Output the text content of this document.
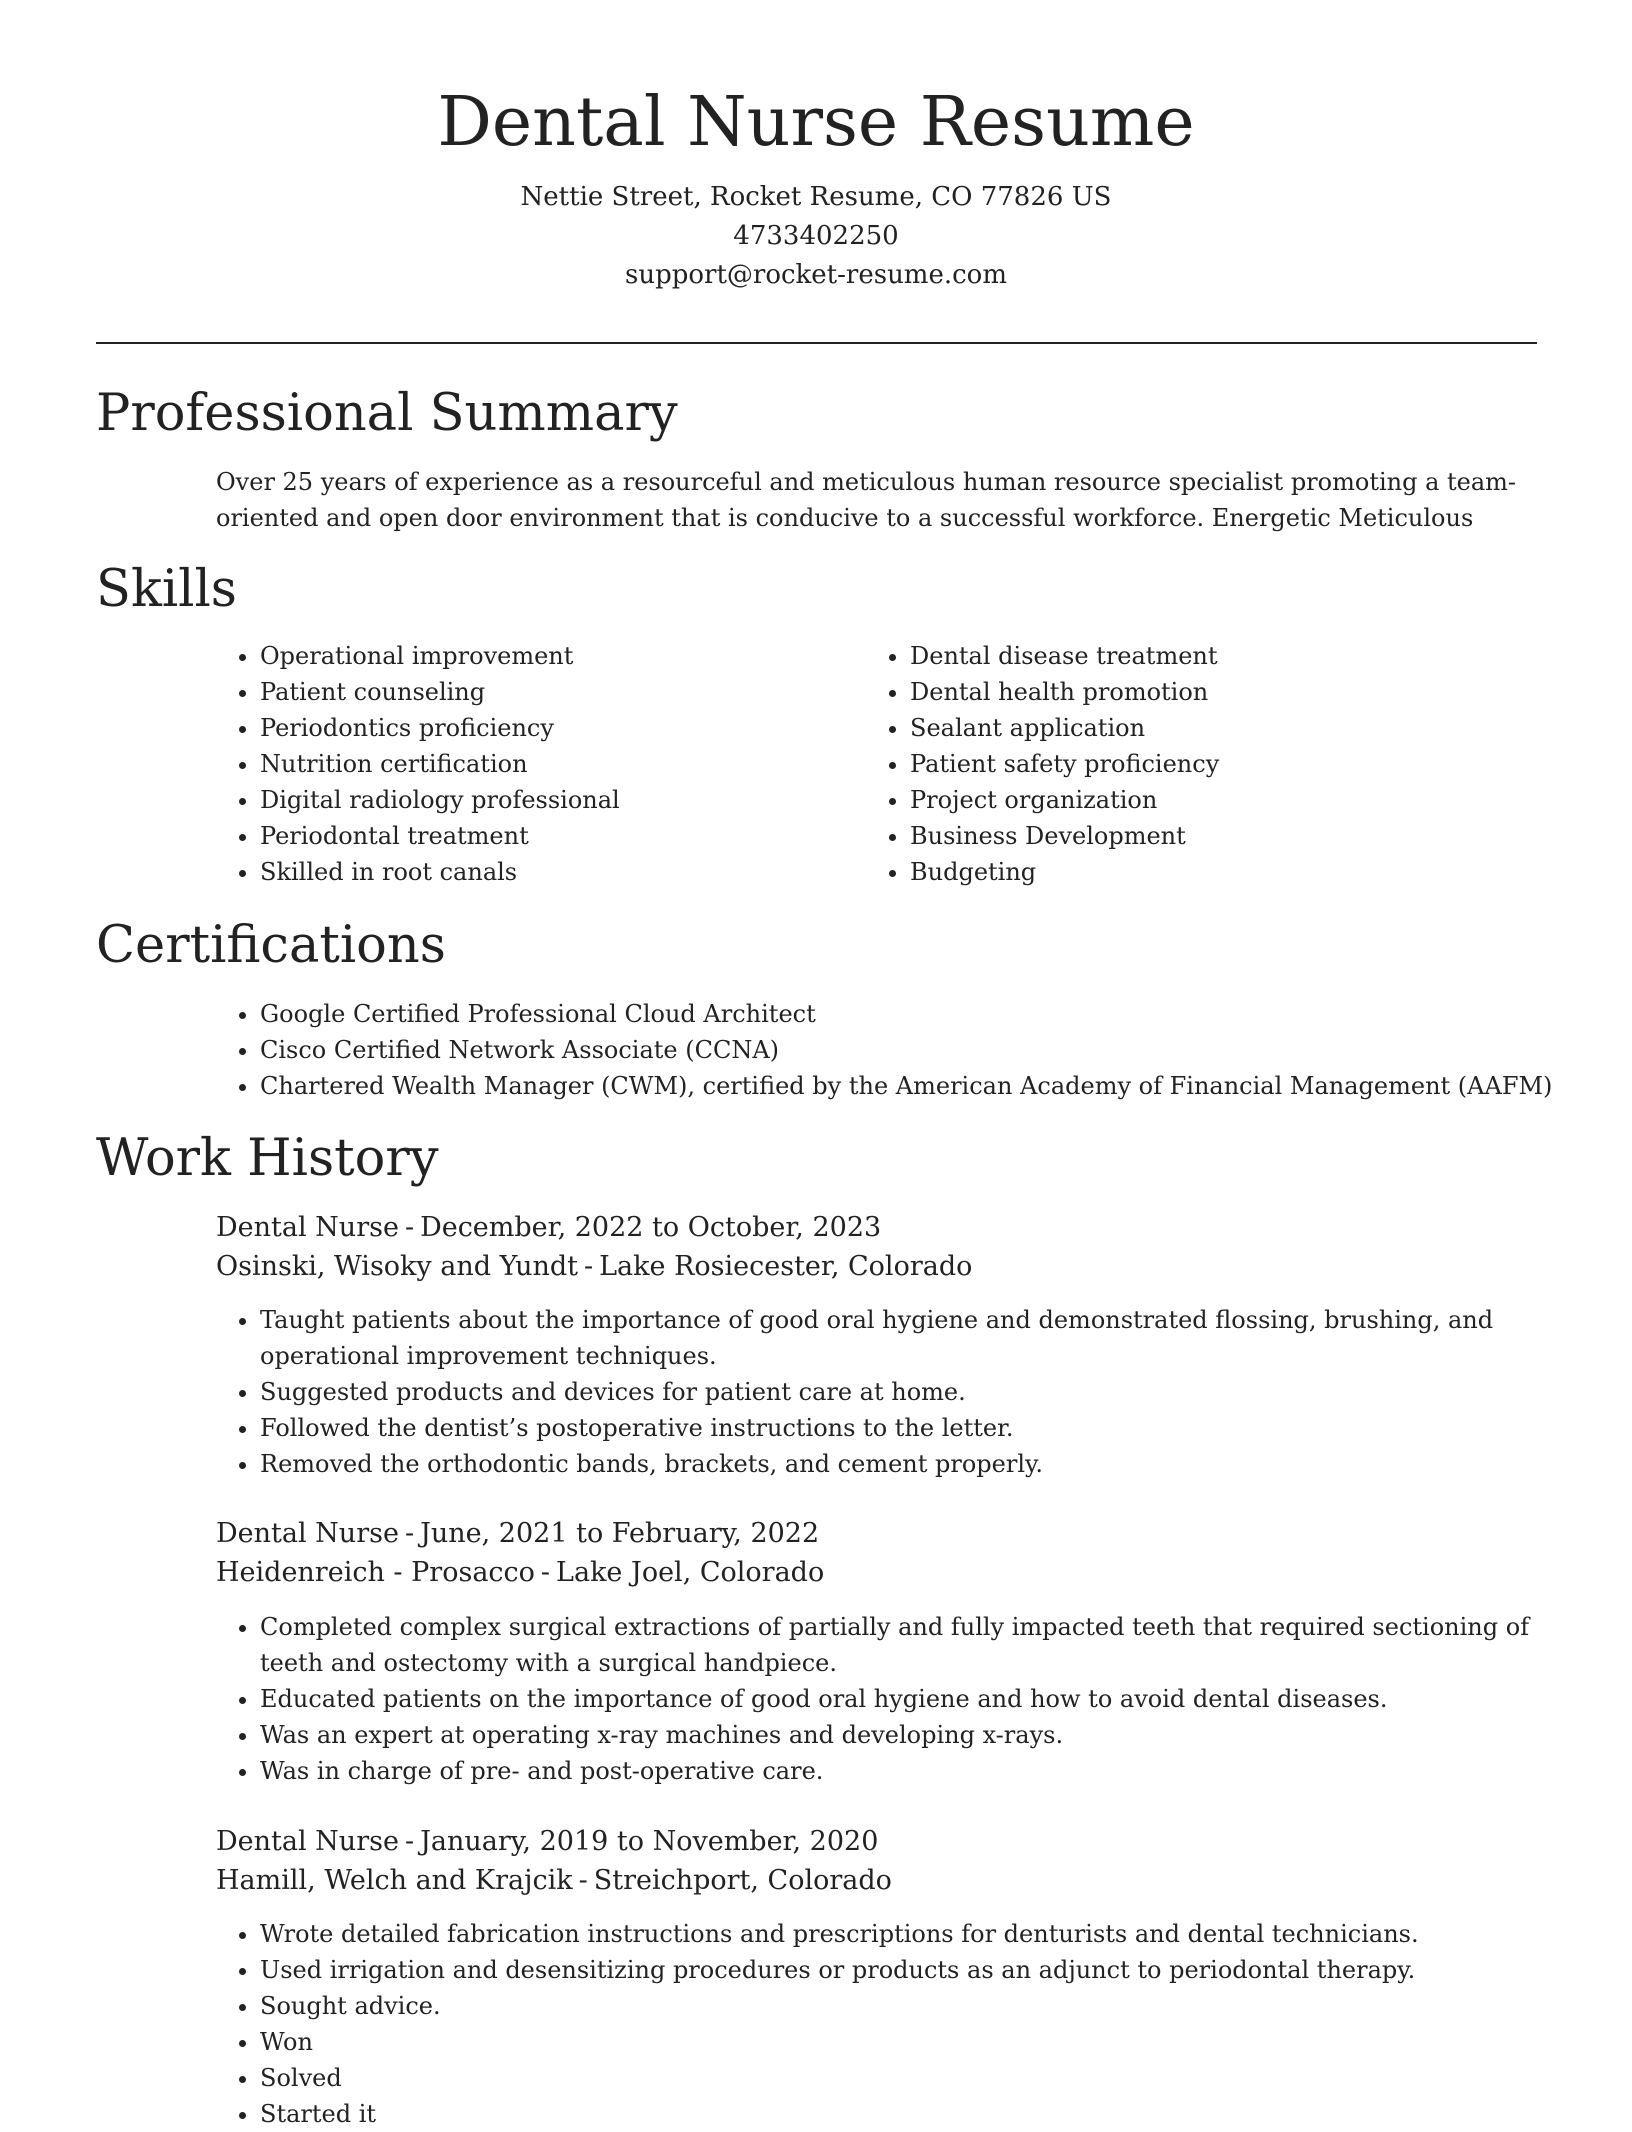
Dental Nurse Resume
Nettie Street, Rocket Resume, CO 77826 US
4733402250
support@rocket-resume.com
Professional Summary

Over 25 years of experience as a resourceful and meticulous human resource specialist promoting a team-oriented and open door environment that is conducive to a successful workforce. Energetic Meticulous

Skills
• Operational improvement
• Patient counseling
• Periodontics proficiency
• Nutrition certification
• Digital radiology professional
• Periodontal treatment
• Skilled in root canals
• Dental disease treatment
• Dental health promotion
• Sealant application
• Patient safety proficiency
• Project organization
• Business Development
• Budgeting
Certifications
• Google Certified Professional Cloud Architect
• Cisco Certified Network Associate (CCNA)
• Chartered Wealth Manager (CWM), certified by the American Academy of Financial Management (AAFM)
Work History
Dental Nurse - December, 2022 to October, 2023
Osinski, Wisoky and Yundt - Lake Rosiecester, Colorado
• Taught patients about the importance of good oral hygiene and demonstrated flossing, brushing, and operational improvement techniques.
• Suggested products and devices for patient care at home.
• Followed the dentist’s postoperative instructions to the letter.
• Removed the orthodontic bands, brackets, and cement properly.
Dental Nurse - June, 2021 to February, 2022
Heidenreich - Prosacco - Lake Joel, Colorado
• Completed complex surgical extractions of partially and fully impacted teeth that required sectioning of teeth and ostectomy with a surgical handpiece.
• Educated patients on the importance of good oral hygiene and how to avoid dental diseases.
• Was an expert at operating x-ray machines and developing x-rays.
• Was in charge of pre- and post-operative care.
Dental Nurse - January, 2019 to November, 2020
Hamill, Welch and Krajcik - Streichport, Colorado
• Wrote detailed fabrication instructions and prescriptions for denturists and dental technicians.
• Used irrigation and desensitizing procedures or products as an adjunct to periodontal therapy.
• Sought advice.
• Won
• Solved
• Started it
